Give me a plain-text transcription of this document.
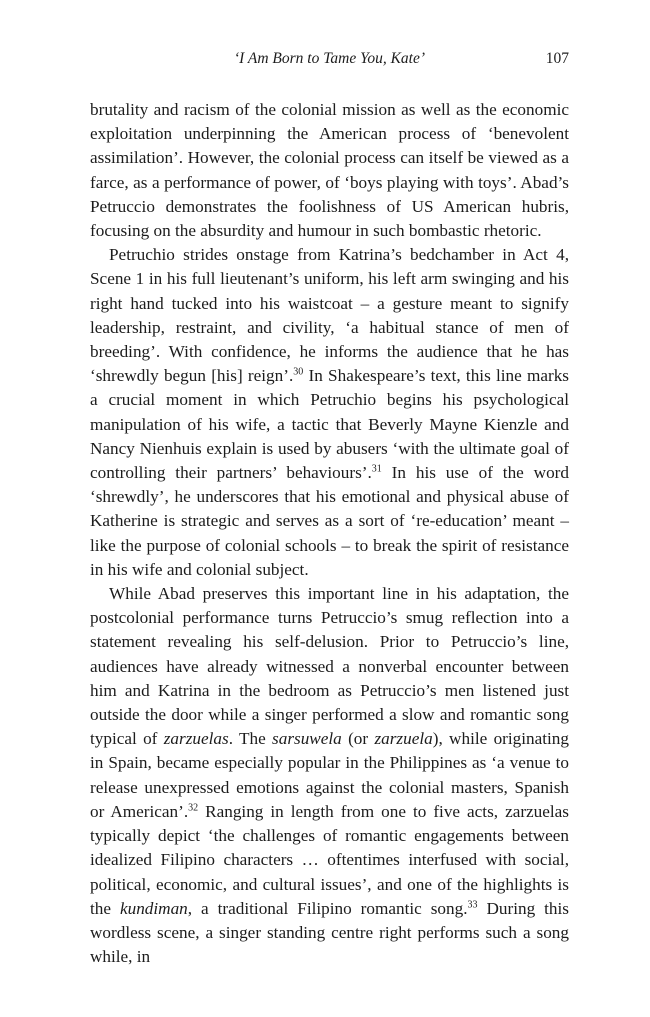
‘I Am Born to Tame You, Kate’	107

brutality and racism of the colonial mission as well as the economic exploitation underpinning the American process of ‘benevolent assimilation’. However, the colonial process can itself be viewed as a farce, as a performance of power, of ‘boys playing with toys’. Abad’s Petruccio demonstrates the foolishness of US American hubris, focusing on the absurdity and humour in such bombastic rhetoric.

Petruchio strides onstage from Katrina’s bedchamber in Act 4, Scene 1 in his full lieutenant’s uniform, his left arm swinging and his right hand tucked into his waistcoat – a gesture meant to signify leadership, restraint, and civility, ‘a habitual stance of men of breeding’. With confidence, he informs the audience that he has ‘shrewdly begun [his] reign’.$^{30}$ In Shakespeare’s text, this line marks a crucial moment in which Petruchio begins his psychological manipulation of his wife, a tactic that Beverly Mayne Kienzle and Nancy Nienhuis explain is used by abusers ‘with the ultimate goal of controlling their partners’ behaviours’.$^{31}$ In his use of the word ‘shrewdly’, he underscores that his emotional and physical abuse of Katherine is strategic and serves as a sort of ‘re-education’ meant – like the purpose of colonial schools – to break the spirit of resistance in his wife and colonial subject.

While Abad preserves this important line in his adaptation, the postcolonial performance turns Petruccio’s smug reflection into a statement revealing his self-delusion. Prior to Petruccio’s line, audiences have already witnessed a nonverbal encounter between him and Katrina in the bedroom as Petruccio’s men listened just outside the door while a singer performed a slow and romantic song typical of zarzuelas. The sarsuwela (or zarzuela), while originating in Spain, became especially popular in the Philippines as ‘a venue to release unexpressed emotions against the colonial masters, Spanish or American’.$^{32}$ Ranging in length from one to five acts, zarzuelas typically depict ‘the challenges of romantic engagements between idealized Filipino characters … oftentimes interfused with social, political, economic, and cultural issues’, and one of the highlights is the kundiman, a traditional Filipino romantic song.$^{33}$ During this wordless scene, a singer standing centre right performs such a song while, in
